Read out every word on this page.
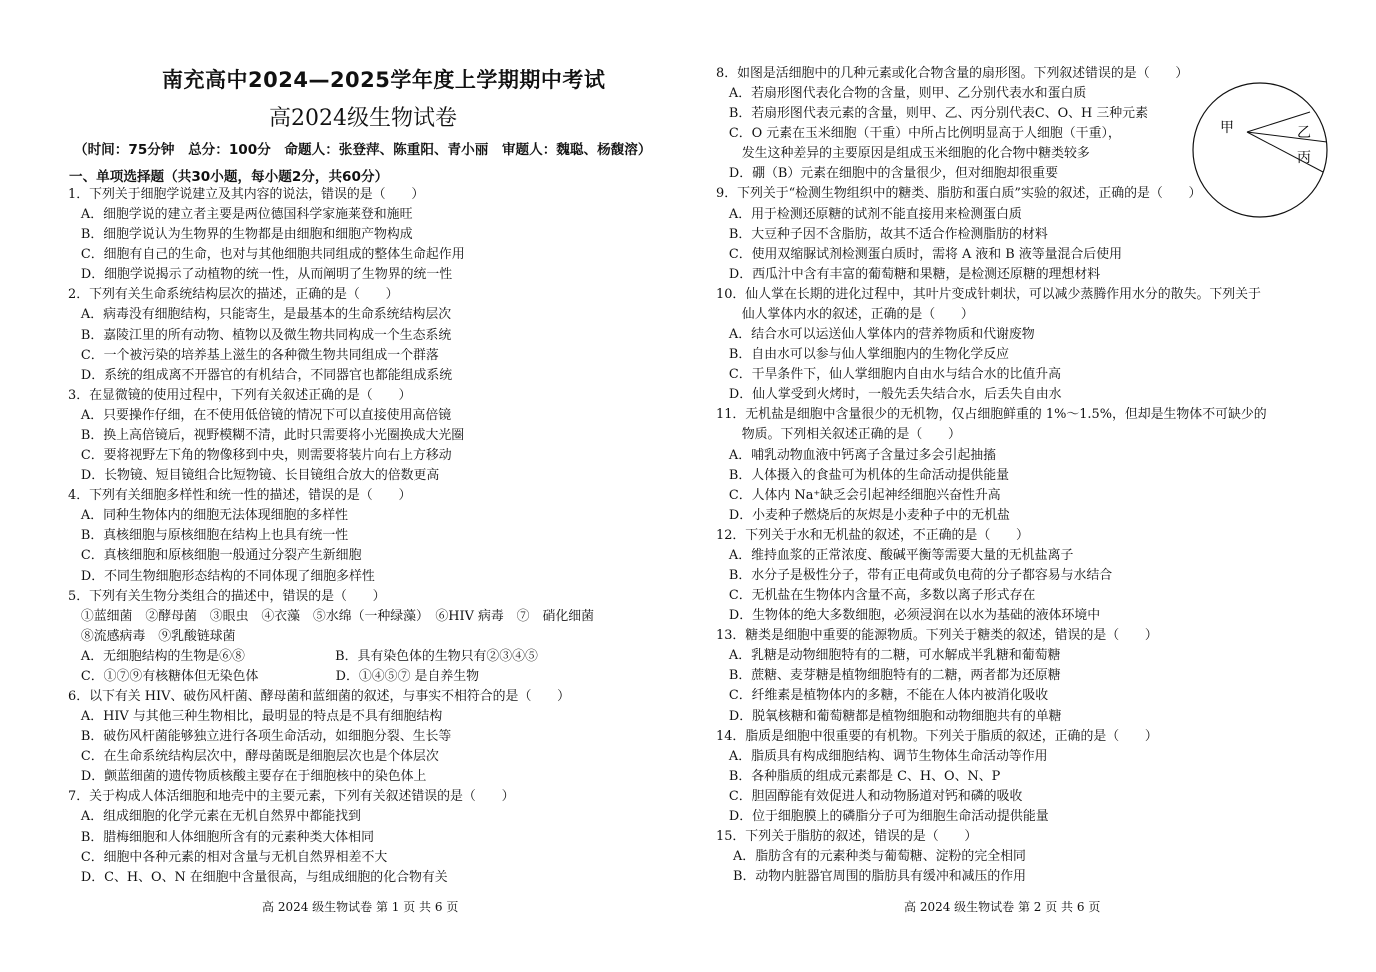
南充高中2024—2025学年度上学期期中考试
高2024级生物试卷
（时间：75分钟　总分：100分　命题人：张登萍、陈重阳、青小丽　审题人：魏聪、杨馥溶）
一、单项选择题（共30小题，每小题2分，共60分）
1．下列关于细胞学说建立及其内容的说法，错误的是（　　）
　A．细胞学说的建立者主要是两位德国科学家施莱登和施旺
　B．细胞学说认为生物界的生物都是由细胞和细胞产物构成
　C．细胞有自己的生命，也对与其他细胞共同组成的整体生命起作用
　D．细胞学说揭示了动植物的统一性，从而阐明了生物界的统一性
2．下列有关生命系统结构层次的描述，正确的是（　　）
　A．病毒没有细胞结构，只能寄生，是最基本的生命系统结构层次
　B．嘉陵江里的所有动物、植物以及微生物共同构成一个生态系统
　C．一个被污染的培养基上滋生的各种微生物共同组成一个群落
　D．系统的组成离不开器官的有机结合，不同器官也都能组成系统
3．在显微镜的使用过程中，下列有关叙述正确的是（　　）
　A．只要操作仔细，在不使用低倍镜的情况下可以直接使用高倍镜
　B．换上高倍镜后，视野模糊不清，此时只需要将小光圈换成大光圈
　C．要将视野左下角的物像移到中央，则需要将装片向右上方移动
　D．长物镜、短目镜组合比短物镜、长目镜组合放大的倍数更高
4．下列有关细胞多样性和统一性的描述，错误的是（　　）
　A．同种生物体内的细胞无法体现细胞的多样性
　B．真核细胞与原核细胞在结构上也具有统一性
　C．真核细胞和原核细胞一般通过分裂产生新细胞
　D．不同生物细胞形态结构的不同体现了细胞多样性
5．下列有关生物分类组合的描述中，错误的是（　　）
　①蓝细菌　②酵母菌　③眼虫　④衣藻　⑤水绵（一种绿藻）　⑥HIV 病毒　⑦　硝化细菌
　⑧流感病毒　⑨乳酸链球菌
　A．无细胞结构的生物是⑥⑧　　　　　　　B．具有染色体的生物只有②③④⑤
　C．①⑦⑨有核糖体但无染色体　　　　　　D．①④⑤⑦ 是自养生物
6．以下有关 HIV、破伤风杆菌、酵母菌和蓝细菌的叙述，与事实不相符合的是（　　）
　A．HIV 与其他三种生物相比，最明显的特点是不具有细胞结构
　B．破伤风杆菌能够独立进行各项生命活动，如细胞分裂、生长等
　C．在生命系统结构层次中，酵母菌既是细胞层次也是个体层次
　D．颤蓝细菌的遗传物质核酸主要存在于细胞核中的染色体上
7．关于构成人体活细胞和地壳中的主要元素，下列有关叙述错误的是（　　）
　A．组成细胞的化学元素在无机自然界中都能找到
　B．腊梅细胞和人体细胞所含有的元素种类大体相同
　C．细胞中各种元素的相对含量与无机自然界相差不大
　D．C、H、O、N 在细胞中含量很高，与组成细胞的化合物有关
8．如图是活细胞中的几种元素或化合物含量的扇形图。下列叙述错误的是（　　）
　A．若扇形图代表化合物的含量，则甲、乙分别代表水和蛋白质
　B．若扇形图代表元素的含量，则甲、乙、丙分别代表C、O、H 三种元素
　C．O 元素在玉米细胞（干重）中所占比例明显高于人细胞（干重），
　　发生这种差异的主要原因是组成玉米细胞的化合物中糖类较多
　D．硼（B）元素在细胞中的含量很少，但对细胞却很重要
9．下列关于“检测生物组织中的糖类、脂肪和蛋白质”实验的叙述，正确的是（　　）
　A．用于检测还原糖的试剂不能直接用来检测蛋白质
　B．大豆种子因不含脂肪，故其不适合作检测脂肪的材料
　C．使用双缩脲试剂检测蛋白质时，需将 A 液和 B 液等量混合后使用
　D．西瓜汁中含有丰富的葡萄糖和果糖，是检测还原糖的理想材料
10．仙人掌在长期的进化过程中，其叶片变成针刺状，可以减少蒸腾作用水分的散失。下列关于
　　仙人掌体内水的叙述，正确的是（　　）
　A．结合水可以运送仙人掌体内的营养物质和代谢废物
　B．自由水可以参与仙人掌细胞内的生物化学反应
　C．干旱条件下，仙人掌细胞内自由水与结合水的比值升高
　D．仙人掌受到火烤时，一般先丢失结合水，后丢失自由水
11．无机盐是细胞中含量很少的无机物，仅占细胞鲜重的 1%～1.5%，但却是生物体不可缺少的
　　物质。下列相关叙述正确的是（　　）
　A．哺乳动物血液中钙离子含量过多会引起抽搐
　B．人体摄入的食盐可为机体的生命活动提供能量
　C．人体内 Na⁺缺乏会引起神经细胞兴奋性升高
　D．小麦种子燃烧后的灰烬是小麦种子中的无机盐
12．下列关于水和无机盐的叙述，不正确的是（　　）
　A．维持血浆的正常浓度、酸碱平衡等需要大量的无机盐离子
　B．水分子是极性分子，带有正电荷或负电荷的分子都容易与水结合
　C．无机盐在生物体内含量不高，多数以离子形式存在
　D．生物体的绝大多数细胞，必须浸润在以水为基础的液体环境中
13．糖类是细胞中重要的能源物质。下列关于糖类的叙述，错误的是（　　）
　A．乳糖是动物细胞特有的二糖，可水解成半乳糖和葡萄糖
　B．蔗糖、麦芽糖是植物细胞特有的二糖，两者都为还原糖
　C．纤维素是植物体内的多糖，不能在人体内被消化吸收
　D．脱氧核糖和葡萄糖都是植物细胞和动物细胞共有的单糖
14．脂质是细胞中很重要的有机物。下列关于脂质的叙述，正确的是（　　）
　A．脂质具有构成细胞结构、调节生物体生命活动等作用
　B．各种脂质的组成元素都是 C、H、O、N、P
　C．胆固醇能有效促进人和动物肠道对钙和磷的吸收
　D．位于细胞膜上的磷脂分子可为细胞生命活动提供能量
15．下列关于脂肪的叙述，错误的是（　　）
　 A．脂肪含有的元素种类与葡萄糖、淀粉的完全相同
　 B．动物内脏器官周围的脂肪具有缓冲和减压的作用
甲	乙
丙
高 2024 级生物试卷 第 1 页 共 6 页	高 2024 级生物试卷 第 2 页 共 6 页
